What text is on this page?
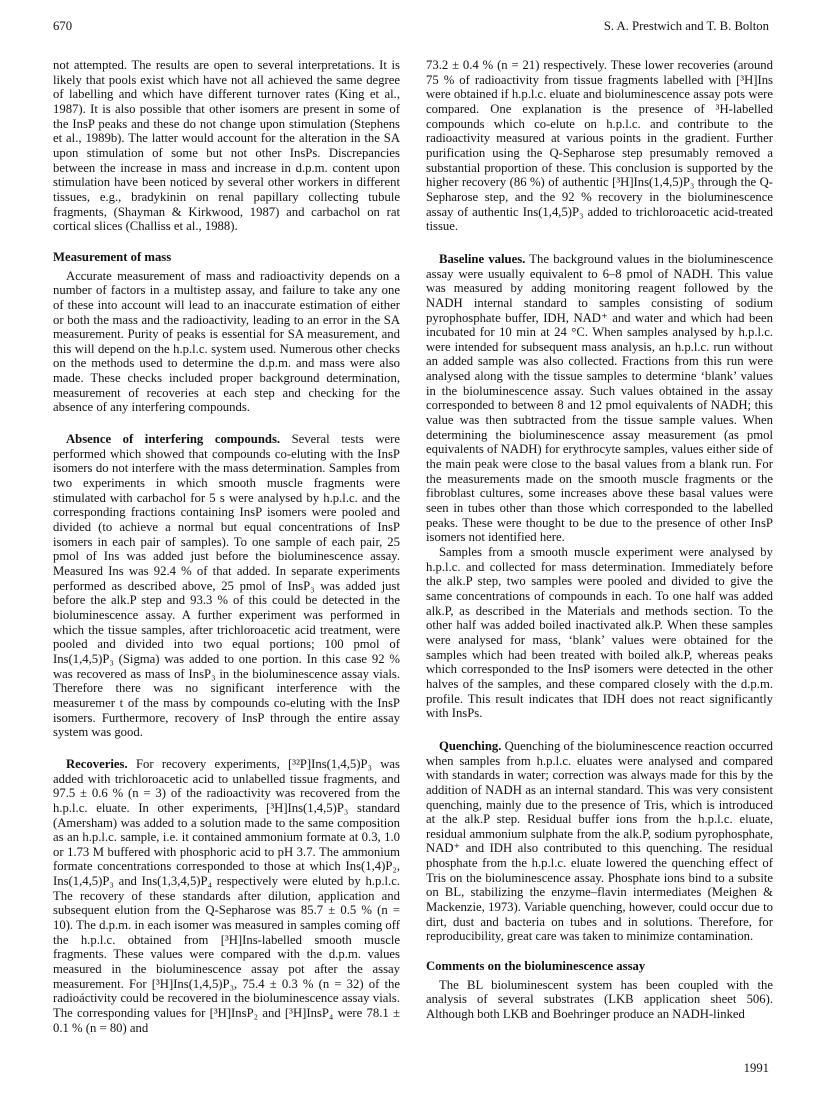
670	S. A. Prestwich and T. B. Bolton

not attempted. The results are open to several interpretations. It is likely that pools exist which have not all achieved the same degree of labelling and which have different turnover rates (King et al., 1987). It is also possible that other isomers are present in some of the InsP peaks and these do not change upon stimulation (Stephens et al., 1989b). The latter would account for the alteration in the SA upon stimulation of some but not other InsPs. Discrepancies between the increase in mass and increase in d.p.m. content upon stimulation have been noticed by several other workers in different tissues, e.g., bradykinin on renal papillary collecting tubule fragments, (Shayman & Kirkwood, 1987) and carbachol on rat cortical slices (Challiss et al., 1988).

Measurement of mass

Accurate measurement of mass and radioactivity depends on a number of factors in a multistep assay, and failure to take any one of these into account will lead to an inaccurate estimation of either or both the mass and the radioactivity, leading to an error in the SA measurement. Purity of peaks is essential for SA measurement, and this will depend on the h.p.l.c. system used. Numerous other checks on the methods used to determine the d.p.m. and mass were also made. These checks included proper background determination, measurement of recoveries at each step and checking for the absence of any interfering compounds.

Absence of interfering compounds. Several tests were performed which showed that compounds co-eluting with the InsP isomers do not interfere with the mass determination. Samples from two experiments in which smooth muscle fragments were stimulated with carbachol for 5 s were analysed by h.p.l.c. and the corresponding fractions containing InsP isomers were pooled and divided (to achieve a normal but equal concentrations of InsP isomers in each pair of samples). To one sample of each pair, 25 pmol of Ins was added just before the bioluminescence assay. Measured Ins was 92.4 % of that added. In separate experiments performed as described above, 25 pmol of InsP₃ was added just before the alk.P step and 93.3 % of this could be detected in the bioluminescence assay. A further experiment was performed in which the tissue samples, after trichloroacetic acid treatment, were pooled and divided into two equal portions; 100 pmol of Ins(1,4,5)P₃ (Sigma) was added to one portion. In this case 92 % was recovered as mass of InsP₃ in the bioluminescence assay vials. Therefore there was no significant interference with the measuremer t of the mass by compounds co-eluting with the InsP isomers. Furthermore, recovery of InsP through the entire assay system was good.

Recoveries. For recovery experiments, [³²P]Ins(1,4,5)P₃ was added with trichloroacetic acid to unlabelled tissue fragments, and 97.5 ± 0.6 % (n = 3) of the radioactivity was recovered from the h.p.l.c. eluate. In other experiments, [³H]Ins(1,4,5)P₃ standard (Amersham) was added to a solution made to the same composition as an h.p.l.c. sample, i.e. it contained ammonium formate at 0.3, 1.0 or 1.73 M buffered with phosphoric acid to pH 3.7. The ammonium formate concentrations corresponded to those at which Ins(1,4)P₂, Ins(1,4,5)P₃ and Ins(1,3,4,5)P₄ respectively were eluted by h.p.l.c. The recovery of these standards after dilution, application and subsequent elution from the Q-Sepharose was 85.7 ± 0.5 % (n = 10). The d.p.m. in each isomer was measured in samples coming off the h.p.l.c. obtained from [³H]Ins-labelled smooth muscle fragments. These values were compared with the d.p.m. values measured in the bioluminescence assay pot after the assay measurement. For [³H]Ins(1,4,5)P₃, 75.4 ± 0.3 % (n = 32) of the radioáctivity could be recovered in the bioluminescence assay vials. The corresponding values for [³H]InsP₂ and [³H]InsP₄ were 78.1 ± 0.1 % (n = 80) and

73.2 ± 0.4 % (n = 21) respectively. These lower recoveries (around 75 % of radioactivity from tissue fragments labelled with [³H]Ins were obtained if h.p.l.c. eluate and bioluminescence assay pots were compared. One explanation is the presence of ³H-labelled compounds which co-elute on h.p.l.c. and contribute to the radioactivity measured at various points in the gradient. Further purification using the Q-Sepharose step presumably removed a substantial proportion of these. This conclusion is supported by the higher recovery (86 %) of authentic [³H]Ins(1,4,5)P₃ through the Q-Sepharose step, and the 92 % recovery in the bioluminescence assay of authentic Ins(1,4,5)P₃ added to trichloroacetic acid-treated tissue.

Baseline values. The background values in the bioluminescence assay were usually equivalent to 6–8 pmol of NADH. This value was measured by adding monitoring reagent followed by the NADH internal standard to samples consisting of sodium pyrophosphate buffer, IDH, NAD⁺ and water and which had been incubated for 10 min at 24 °C. When samples analysed by h.p.l.c. were intended for subsequent mass analysis, an h.p.l.c. run without an added sample was also collected. Fractions from this run were analysed along with the tissue samples to determine ‘blank’ values in the bioluminescence assay. Such values obtained in the assay corresponded to between 8 and 12 pmol equivalents of NADH; this value was then subtracted from the tissue sample values. When determining the bioluminescence assay measurement (as pmol equivalents of NADH) for erythrocyte samples, values either side of the main peak were close to the basal values from a blank run. For the measurements made on the smooth muscle fragments or the fibroblast cultures, some increases above these basal values were seen in tubes other than those which corresponded to the labelled peaks. These were thought to be due to the presence of other InsP isomers not identified here.

Samples from a smooth muscle experiment were analysed by h.p.l.c. and collected for mass determination. Immediately before the alk.P step, two samples were pooled and divided to give the same concentrations of compounds in each. To one half was added alk.P, as described in the Materials and methods section. To the other half was added boiled inactivated alk.P. When these samples were analysed for mass, ‘blank’ values were obtained for the samples which had been treated with boiled alk.P, whereas peaks which corresponded to the InsP isomers were detected in the other halves of the samples, and these compared closely with the d.p.m. profile. This result indicates that IDH does not react significantly with InsPs.

Quenching. Quenching of the bioluminescence reaction occurred when samples from h.p.l.c. eluates were analysed and compared with standards in water; correction was always made for this by the addition of NADH as an internal standard. This was very consistent quenching, mainly due to the presence of Tris, which is introduced at the alk.P step. Residual buffer ions from the h.p.l.c. eluate, residual ammonium sulphate from the alk.P, sodium pyrophosphate, NAD⁺ and IDH also contributed to this quenching. The residual phosphate from the h.p.l.c. eluate lowered the quenching effect of Tris on the bioluminescence assay. Phosphate ions bind to a subsite on BL, stabilizing the enzyme–flavin intermediates (Meighen & Mackenzie, 1973). Variable quenching, however, could occur due to dirt, dust and bacteria on tubes and in solutions. Therefore, for reproducibility, great care was taken to minimize contamination.

Comments on the bioluminescence assay

The BL bioluminescent system has been coupled with the analysis of several substrates (LKB application sheet 506). Although both LKB and Boehringer produce an NADH-linked

1991
